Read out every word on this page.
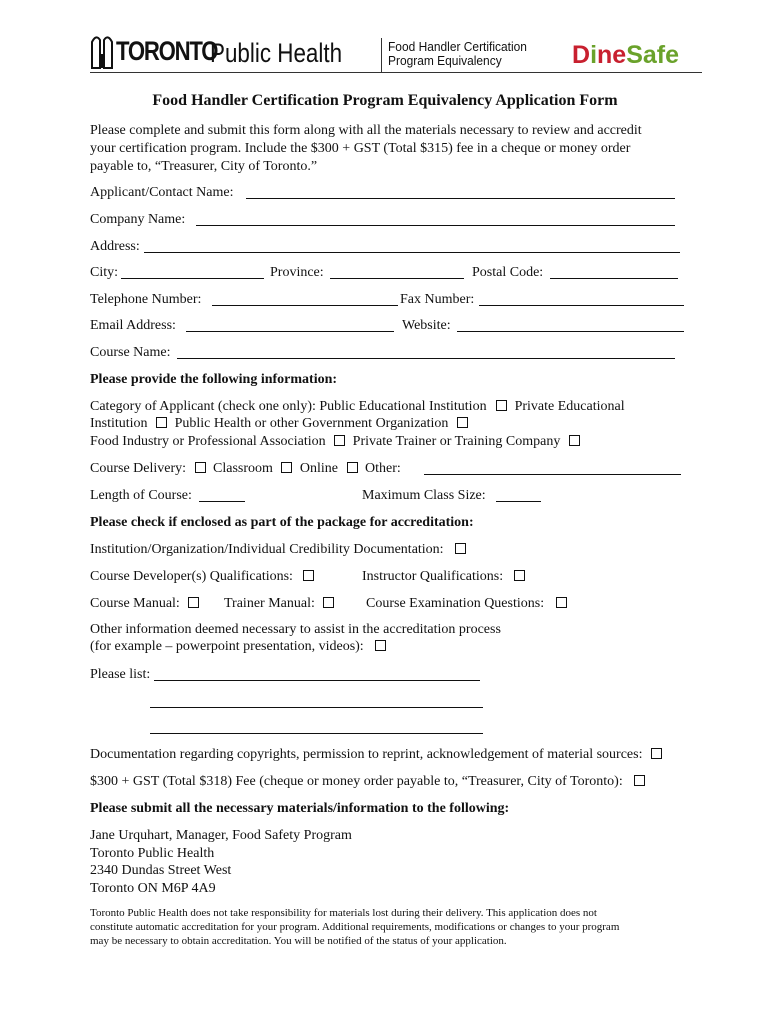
TORONTO
Public Health	Food Handler Certification
Program Equivalency	DineSafe
Food Handler Certification Program Equivalency Application Form
Please complete and submit this form along with all the materials necessary to review and accredit
your certification program. Include the $300 + GST (Total $315) fee in a cheque or money order
payable to, “Treasurer, City of Toronto.”
Applicant/Contact Name:
Company Name:
Address:
City:	Province:	Postal Code:
Telephone Number:	Fax Number:
Email Address:	Website:
Course Name:
Please provide the following information:
Category of Applicant (check one only): Public Educational Institution Private Educational
Institution Public Health or other Government Organization
Food Industry or Professional Association Private Trainer or Training Company
Course Delivery: Classroom Online Other:
Length of Course:	Maximum Class Size:
Please check if enclosed as part of the package for accreditation:
Institution/Organization/Individual Credibility Documentation:
Course Developer(s) Qualifications:	Instructor Qualifications:
Course Manual:	Trainer Manual:	Course Examination Questions:
Other information deemed necessary to assist in the accreditation process
(for example – powerpoint presentation, videos):
Please list:
Documentation regarding copyrights, permission to reprint, acknowledgement of material sources:
$300 + GST (Total $318) Fee (cheque or money order payable to, “Treasurer, City of Toronto):
Please submit all the necessary materials/information to the following:
Jane Urquhart, Manager, Food Safety Program
Toronto Public Health
2340 Dundas Street West
Toronto ON M6P 4A9
Toronto Public Health does not take responsibility for materials lost during their delivery. This application does not
constitute automatic accreditation for your program. Additional requirements, modifications or changes to your program
may be necessary to obtain accreditation. You will be notified of the status of your application.
